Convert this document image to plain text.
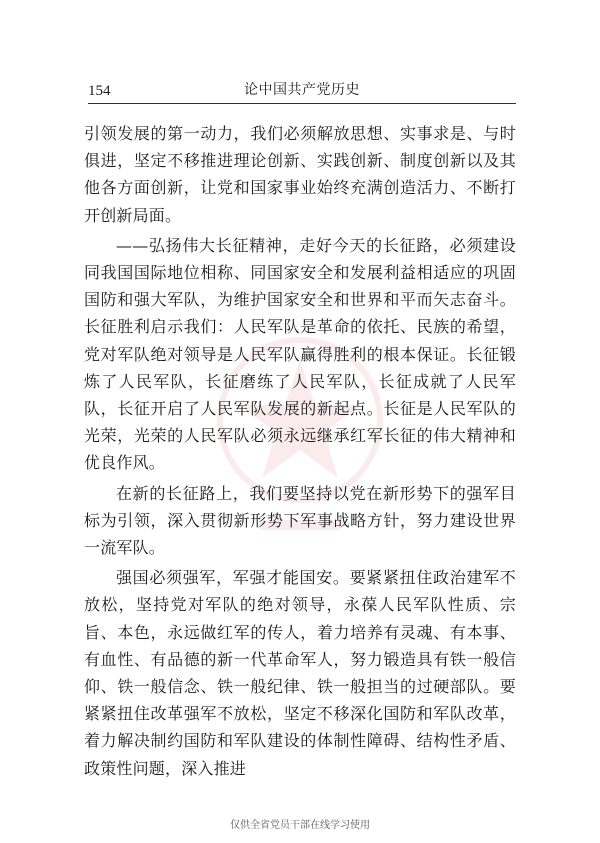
154	论中国共产党历史

引领发展的第一动力，我们必须解放思想、实事求是、与时俱进，坚定不移推进理论创新、实践创新、制度创新以及其他各方面创新，让党和国家事业始终充满创造活力、不断打开创新局面。

——弘扬伟大长征精神，走好今天的长征路，必须建设同我国国际地位相称、同国家安全和发展利益相适应的巩固国防和强大军队，为维护国家安全和世界和平而矢志奋斗。长征胜利启示我们：人民军队是革命的依托、民族的希望，党对军队绝对领导是人民军队赢得胜利的根本保证。长征锻炼了人民军队，长征磨练了人民军队，长征成就了人民军队，长征开启了人民军队发展的新起点。长征是人民军队的光荣，光荣的人民军队必须永远继承红军长征的伟大精神和优良作风。

在新的长征路上，我们要坚持以党在新形势下的强军目标为引领，深入贯彻新形势下军事战略方针，努力建设世界一流军队。

强国必须强军，军强才能国安。要紧紧扭住政治建军不放松，坚持党对军队的绝对领导，永葆人民军队性质、宗旨、本色，永远做红军的传人，着力培养有灵魂、有本事、有血性、有品德的新一代革命军人，努力锻造具有铁一般信仰、铁一般信念、铁一般纪律、铁一般担当的过硬部队。要紧紧扭住改革强军不放松，坚定不移深化国防和军队改革，着力解决制约国防和军队建设的体制性障碍、结构性矛盾、政策性问题，深入推进

仅供全省党员干部在线学习使用
